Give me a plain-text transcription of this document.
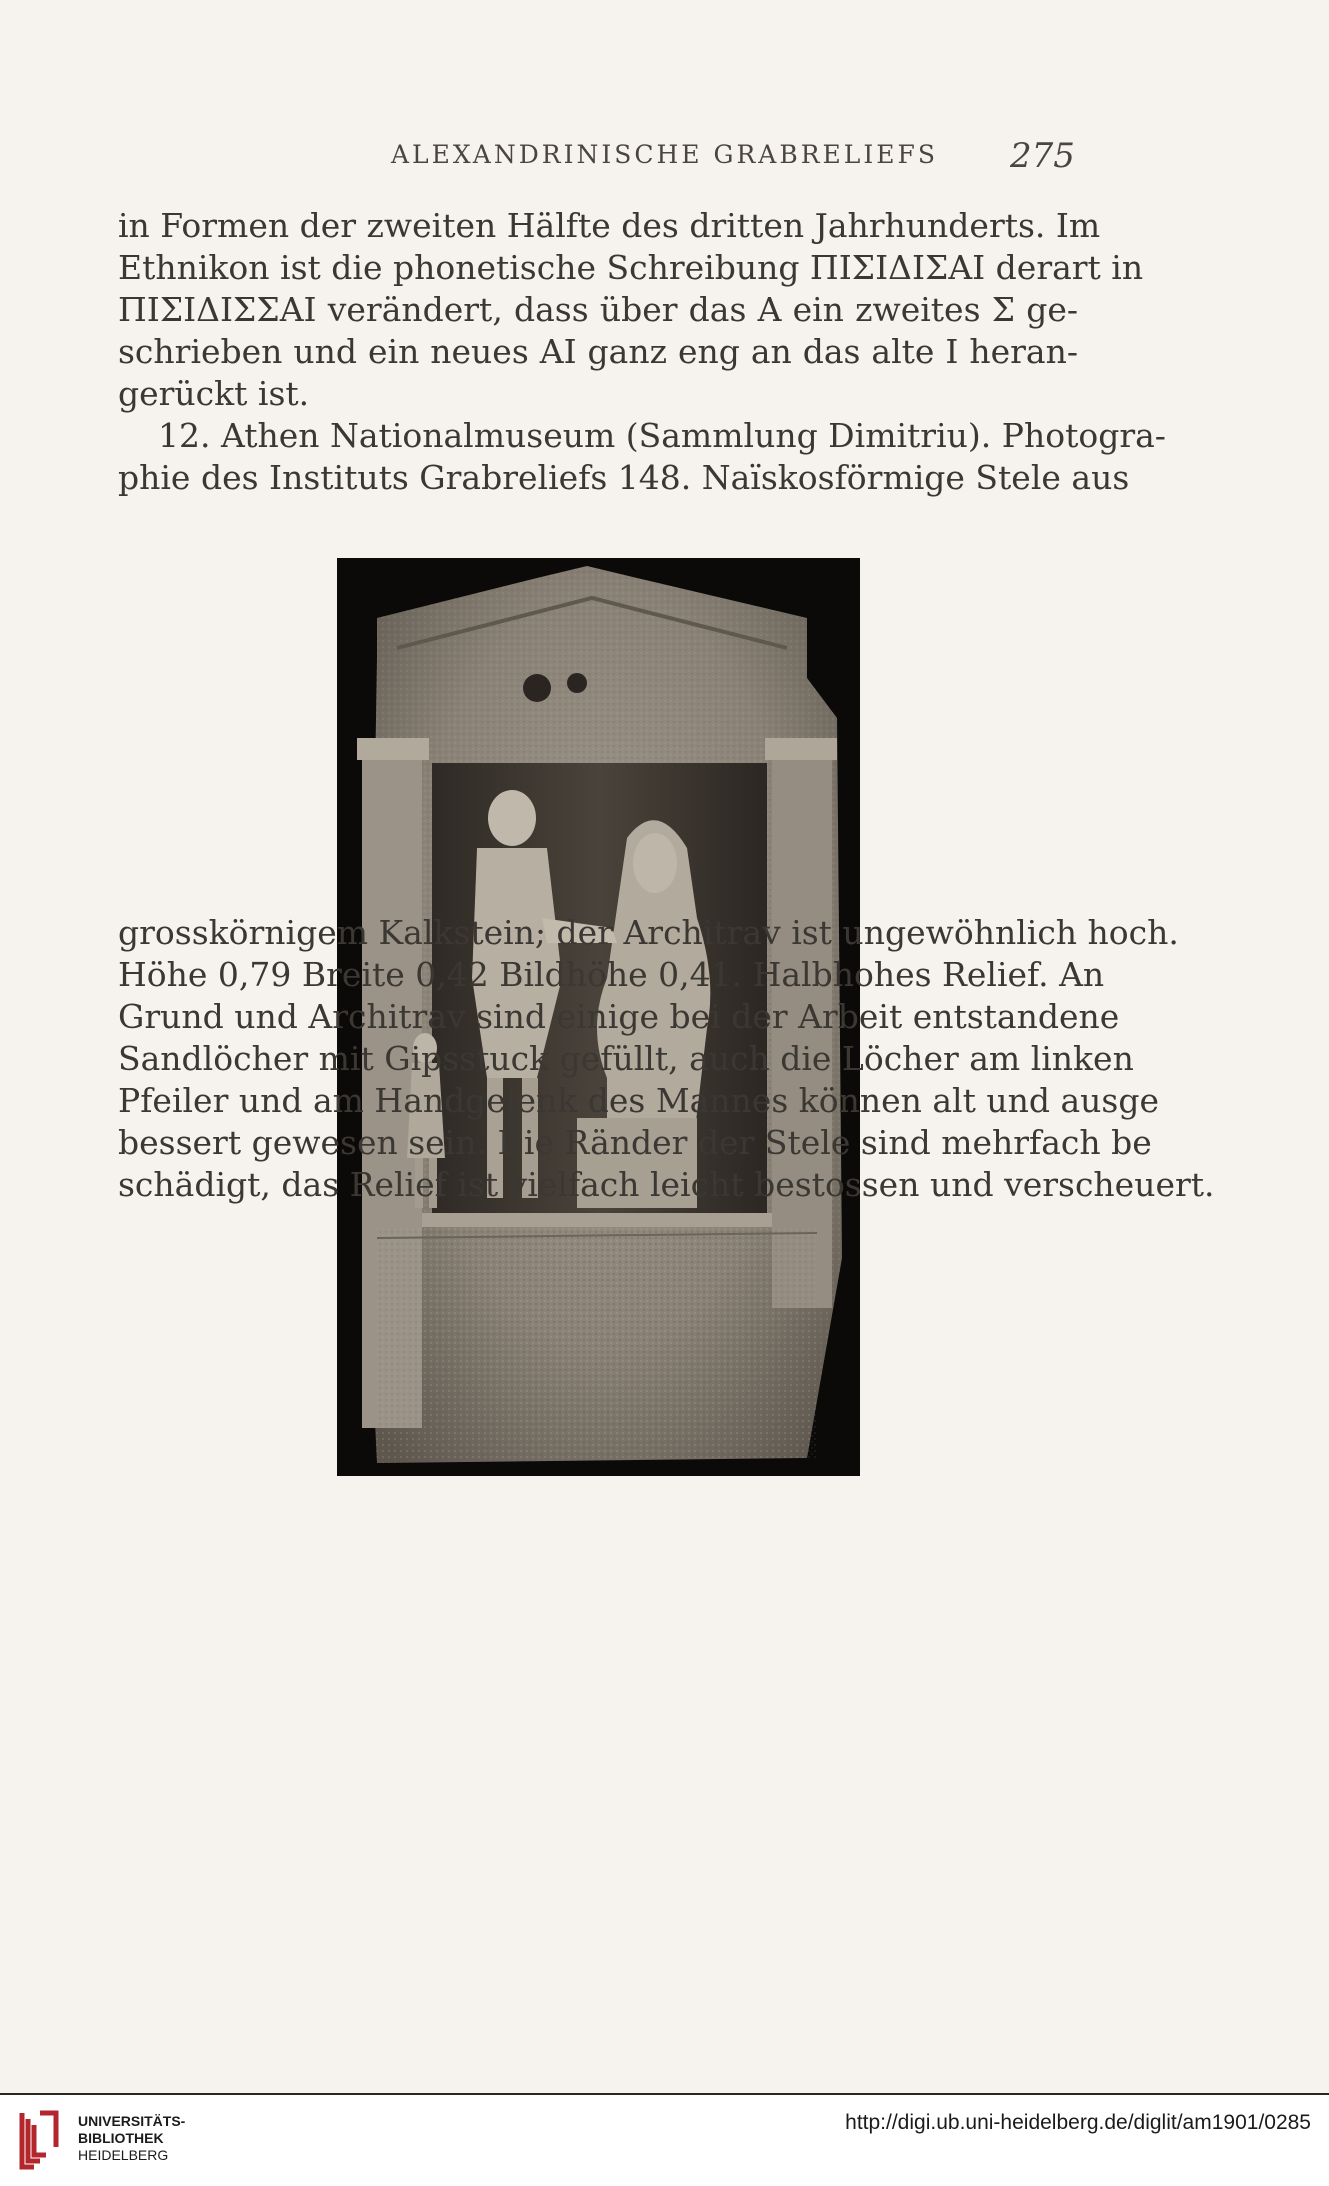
ALEXANDRINISCHE GRABRELIEFS	275

in Formen der zweiten Hälfte des dritten Jahrhunderts. Im
Ethnikon ist die phonetische Schreibung ΠΙΣΙΔΙΣΑΙ derart in
ΠΙΣΙΔΙΣΣΑΙ verändert, dass über das Α ein zweites Σ ge-
schrieben und ein neues ΑΙ ganz eng an das alte Ι heran-
gerückt ist.
12. Athen Nationalmuseum (Sammlung Dimitriu). Photogra-
phie des Instituts Grabreliefs 148. Naïskosförmige Stele aus

grosskörnigem Kalkstein; der Architrav ist ungewöhnlich hoch.
Höhe 0,79 Breite 0,42 Bildhöhe 0,41. Halbhohes Relief. An
Grund und Architrav sind einige bei der Arbeit entstandene
Sandlöcher mit Gipsstuck gefüllt, auch die Löcher am linken
Pfeiler und am Handgelenk des Mannes können alt und ausge
bessert gewesen sein. Die Ränder der Stele sind mehrfach be
schädigt, das Relief ist vielfach leicht bestossen und verscheuert.

UNIVERSITÄTS-
BIBLIOTHEK
HEIDELBERG
http://digi.ub.uni-heidelberg.de/diglit/am1901/0285
